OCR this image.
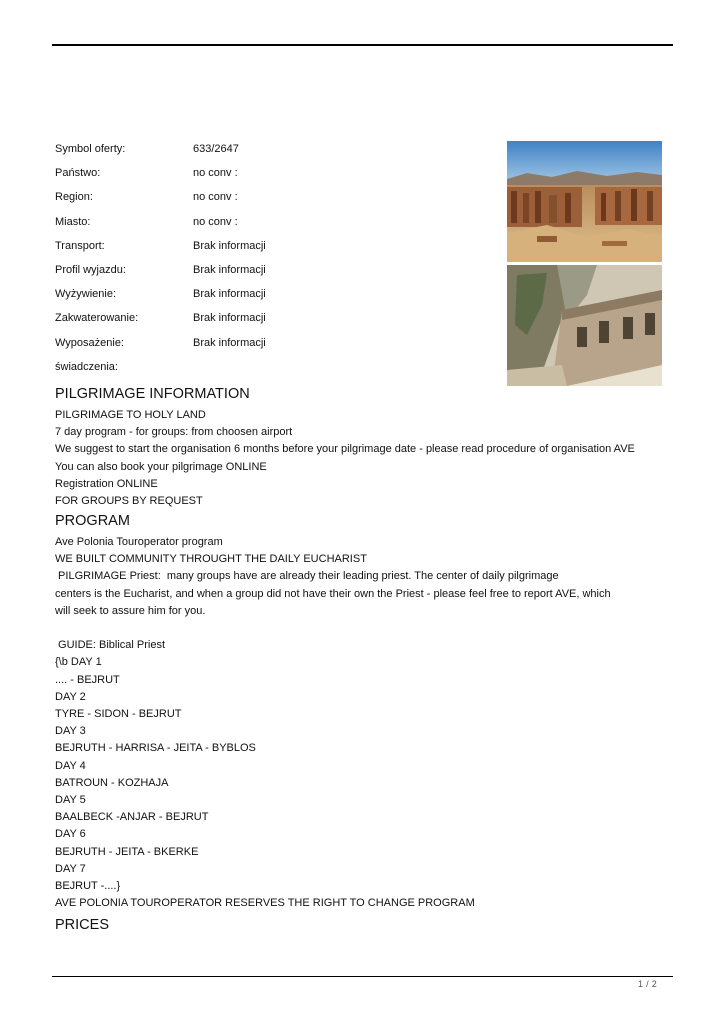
Symbol oferty:	633/2647
Państwo:	no conv :
Region:	no conv :
Miasto:	no conv :
Transport:	Brak informacji
Profil wyjazdu:	Brak informacji
Wyżywienie:	Brak informacji
Zakwaterowanie:	Brak informacji
Wyposażenie:	Brak informacji
świadczenia:
PILGRIMAGE INFORMATION
PILGRIMAGE TO HOLY LAND
7 day program - for groups: from choosen airport
We suggest to start the organisation 6 months before your pilgrimage date - please read procedure of organisation AVE
You can also book your pilgrimage ONLINE
Registration ONLINE
FOR GROUPS BY REQUEST
PROGRAM
Ave Polonia Touroperator program
WE BUILT COMMUNITY THROUGHT THE DAILY EUCHARIST
PILGRIMAGE Priest:  many groups have are already their leading priest. The center of daily pilgrimage
centers is the Eucharist, and when a group did not have their own the Priest - please feel free to report AVE, which
will seek to assure him for you.
GUIDE: Biblical Priest
{\b DAY 1
.... - BEJRUT
DAY 2
TYRE - SIDON - BEJRUT
DAY 3
BEJRUTH - HARRISA - JEITA - BYBLOS
DAY 4
BATROUN - KOZHAJA
DAY 5
BAALBECK -ANJAR - BEJRUT
DAY 6
BEJRUTH - JEITA - BKERKE
DAY 7
BEJRUT -....}
AVE POLONIA TOUROPERATOR RESERVES THE RIGHT TO CHANGE PROGRAM
PRICES
1 / 2
